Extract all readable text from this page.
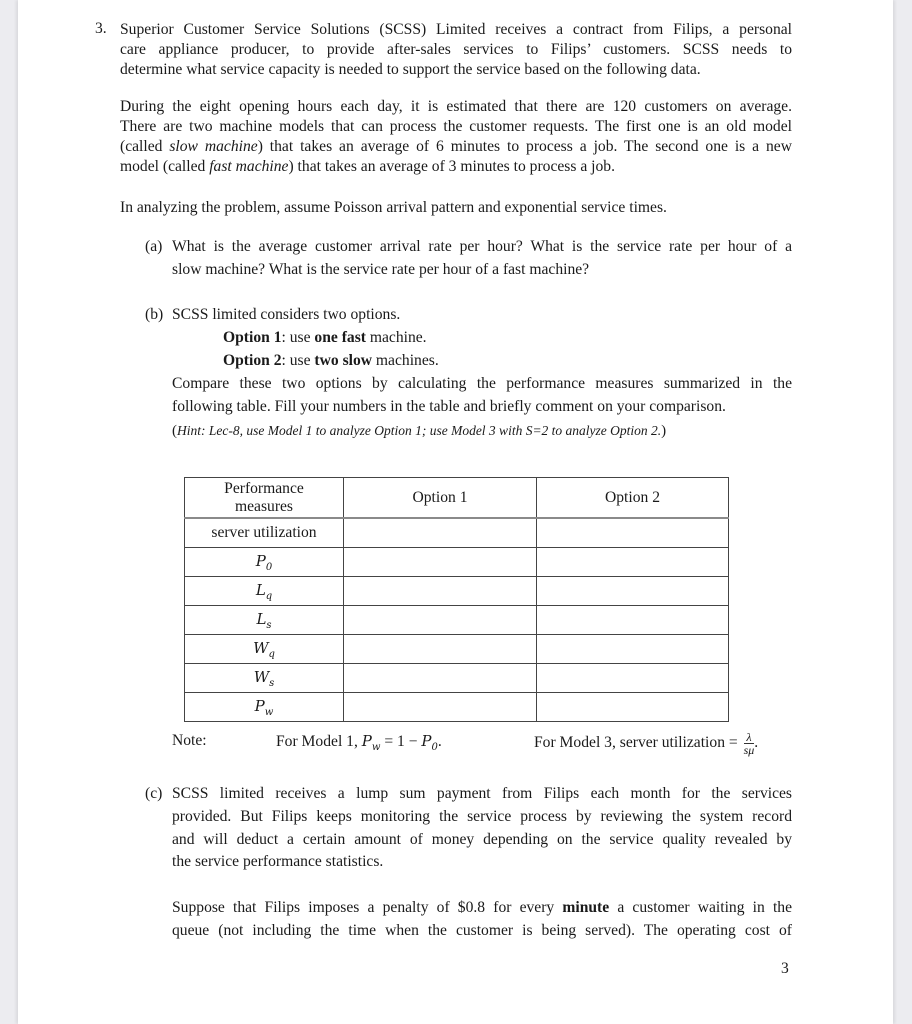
3. Superior Customer Service Solutions (SCSS) Limited receives a contract from Filips, a personal
care appliance producer, to provide after-sales services to Filips’ customers. SCSS needs to
determine what service capacity is needed to support the service based on the following data.
During the eight opening hours each day, it is estimated that there are 120 customers on average.
There are two machine models that can process the customer requests. The first one is an old model
(called slow machine) that takes an average of 6 minutes to process a job. The second one is a new
model (called fast machine) that takes an average of 3 minutes to process a job.
In analyzing the problem, assume Poisson arrival pattern and exponential service times.
(a) What is the average customer arrival rate per hour? What is the service rate per hour of a
slow machine? What is the service rate per hour of a fast machine?
(b) SCSS limited considers two options.
Option 1: use one fast machine.
Option 2: use two slow machines.
Compare these two options by calculating the performance measures summarized in the
following table. Fill your numbers in the table and briefly comment on your comparison.
(Hint: Lec-8, use Model 1 to analyze Option 1; use Model 3 with S=2 to analyze Option 2.)
Performance
measures	Option 1	Option 2
server utilization		
$P_0$		
$L_q$		
$L_s$		
$W_q$		
$W_s$		
$P_w$		
Note:	For Model 1, $P_w = 1 - P_0$.	For Model 3, server utilization = $\frac{\lambda}{s\mu}$ .
(c) SCSS limited receives a lump sum payment from Filips each month for the services
provided. But Filips keeps monitoring the service process by reviewing the system record
and will deduct a certain amount of money depending on the service quality revealed by
the service performance statistics.
Suppose that Filips imposes a penalty of $0.8 for every minute a customer waiting in the
queue (not including the time when the customer is being served). The operating cost of
3
